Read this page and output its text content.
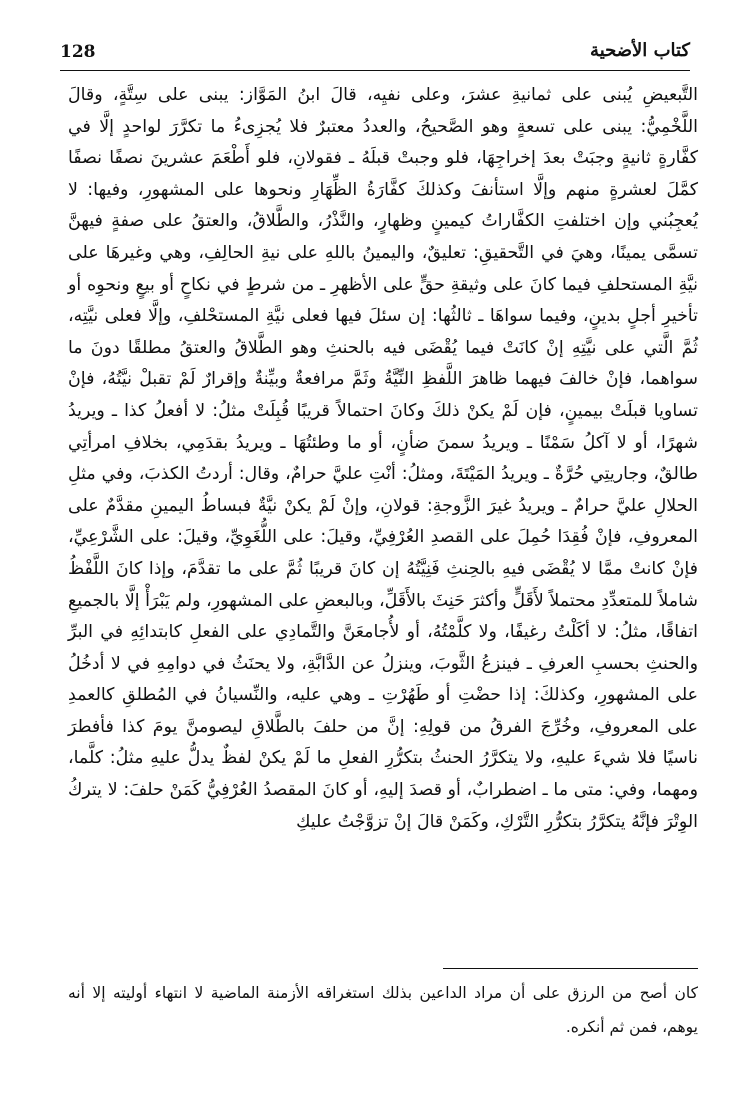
كتاب الأضحية
128

التَّبعيضِ يُبنى على ثمانيةِ عشرَ، وعلى نفيِه، قالَ ابنُ المَوَّاز: يبنى على سِتَّةٍ، وقالَ اللَّخْمِيُّ: يبنى على تسعةٍ وهو الصَّحيحُ، والعددُ معتبرٌ فلا يُجزِىءُ ما تكرَّرَ لواحدٍ إلَّا في كفَّارةٍ ثانيةٍ وجبَتْ بعدَ إخراجِهَا، فلو وجبتْ قبلَهُ ـ فقولانِ، فلو أَطْعَمَ عشرينَ نصفًا نصفًا كمَّلَ لعشرةٍ منهم وإلَّا استأنفَ وكذلكَ كفَّارَةُ الظِّهَارِ ونحوها على المشهورِ، وفيها: لا يُعجِبُني وإن اختلفتِ الكفَّاراتُ كيمينٍ وظهارٍ، والنَّذْرُ، والطَّلاقُ، والعتقُ على صفةٍ فيهنَّ تسمَّى يمينًا، وهيَ في التَّحقيقِ: تعليقٌ، واليمينُ باللهِ على نيةِ الحالِفِ، وهي وغيرهَا على نيَّةِ المستحلفِ فيما كانَ على وثيقةِ حقٍّ على الأظهرِ ـ من شرطٍ في نكاحٍ أو بيعٍ ونحوِه أو تأخيرِ أجلٍ بدينٍ، وفيما سواهَا ـ ثالثُها: إن سئلَ فيها فعلى نيَّةِ المستحْلفِ، وإلَّا فعلى نيَّتِه، ثُمَّ الَّتي على نيَّتِهِ إنْ كانَتْ فيما يُقْضَى فيه بالحنثِ وهو الطَّلاقُ والعتقُ مطلقًا دونَ ما سواهما، فإنْ خالفَ فيهما ظاهرَ اللَّفظِ النِّيَّةُ وثَمَّ مرافعةٌ وبيِّنةٌ وإقرارٌ لَمْ تقبلْ نيَّتُهُ، فإنْ تساويا قبلَتْ بيمينٍ، فإن لَمْ يكنْ ذلكَ وكانَ احتمالاً قريبًا قُبِلَتْ مثلُ: لا أفعلُ كذا ـ ويريدُ شهرًا، أو لا آكلُ سَمْنًا ـ ويريدُ سمنَ ضأنٍ، أو ما وطئتُهَا ـ ويريدُ بقدَمِي، بخلافِ امرأتِي طالقٌ، وجاريتِي حُرَّةٌ ـ ويريدُ المَيْتَةَ، ومثلُ: أنْتِ عليَّ حرامٌ، وقال: أردتُ الكذبَ، وفي مثلِ الحلالِ عليَّ حرامٌ ـ ويريدُ غيرَ الزَّوجةِ: قولانِ، وإنْ لَمْ يكنْ نيَّةٌ فبساطُ اليمينِ مقدَّمٌ على المعروفِ، فإنْ فُقِدَا حُمِلَ على القصدِ العُرْفِيِّ، وقيلَ: على اللُّغَوِيِّ، وقيلَ: على الشَّرْعِيِّ، فإنْ كانتْ ممَّا لا يُقْضَى فيهِ بالحِنثِ فَنِيَّتُهُ إن كانَ قريبًا ثُمَّ على ما تقدَّمَ، وإذا كانَ اللَّفْظُ شاملاً للمتعدِّدِ محتملاً لأَقَلٍّ وأكثرَ حَنِثَ بالأَقَلِّ، وبالبعضِ على المشهورِ، ولم يَبْرَأْ إلَّا بالجميعِ اتفاقًا، مثلُ: لا أكَلْتُ رغيفًا، ولا كلَّمْتُهُ، أو لأُجامعَنَّ والتَّمادِي على الفعلِ كابتدائِهِ في البرِّ والحنثِ بحسبِ العرفِ ـ فينزعُ الثَّوبَ، وينزلُ عن الدَّابَّةِ، ولا يحنَثُ في دوامِهِ في لا أدخُلُ على المشهورِ، وكذلكَ: إذا حضْتِ أو طَهُرْتِ ـ وهي عليه، والنِّسيانُ في المُطلقِ كالعمدِ على المعروفِ، وخُرِّجَ الفرقُ من قولِهِ: إنَّ من حلفَ بالطَّلاقِ ليصومنَّ يومَ كذا فأفطرَ ناسيًا فلا شيءَ عليهِ، ولا يتكرَّرُ الحنثُ بتكرُّرِ الفعلِ ما لَمْ يكنْ لفظٌ يدلُّ عليهِ مثلُ: كلَّما، ومهما، وفي: متى ما ـ اضطرابٌ، أو قصدَ إليهِ، أو كانَ المقصدُ العُرْفِيُّ كَمَنْ حلفَ: لا يتركُ الوِتْرَ فإنَّهُ يتكرَّرُ بتكرُّرِ التَّرْكِ، وكَمَنْ قالَ إنْ تزوَّجْتُ عليكِ

كان أصح من الرزق على أن مراد الداعين بذلك استغراقه الأزمنة الماضية لا انتهاء أوليته إلا أنه يوهم، فمن ثم أنكره.
